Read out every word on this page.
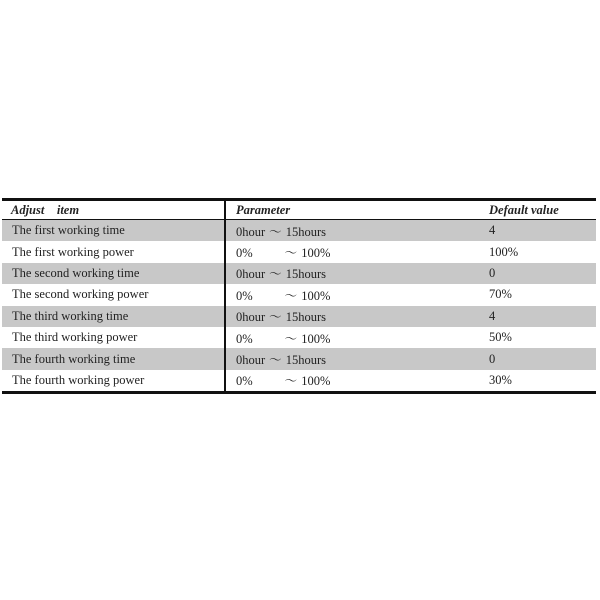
Adjust    item	Parameter	Default value
The first working time	0hour ～ 15hours	4
The first working power	0% ～ 100%	100%
The second working time	0hour ～ 15hours	0
The second working power	0% ～ 100%	70%
The third working time	0hour ～ 15hours	4
The third working power	0% ～ 100%	50%
The fourth working time	0hour ～ 15hours	0
The fourth working power	0% ～ 100%	30%
